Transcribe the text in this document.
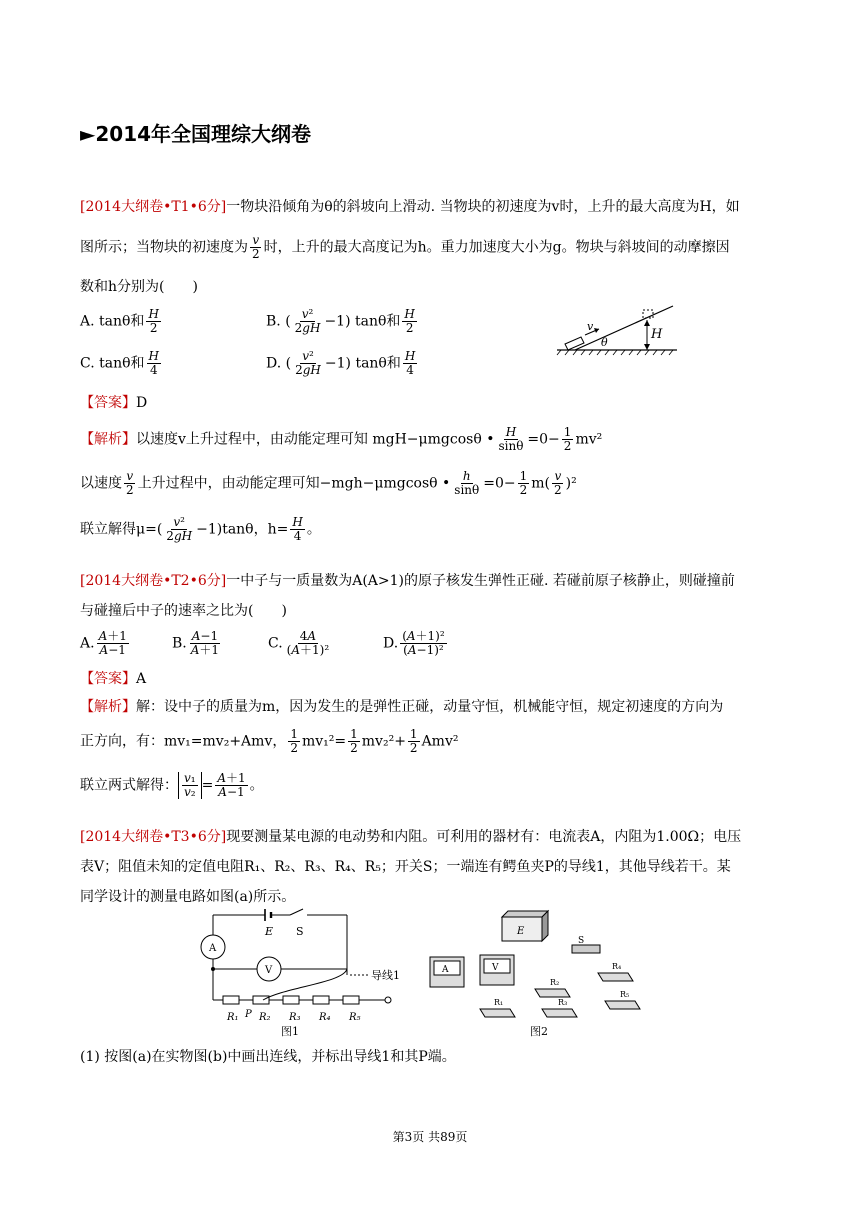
►2014年全国理综大纲卷
[2014大纲卷•T1•6分]一物块沿倾角为θ的斜坡向上滑动. 当物块的初速度为v时，上升的最大高度为H，如
图所示；当物块的初速度为 $\frac{v}{2}$ 时，上升的最大高度记为h。重力加速度大小为g。物块与斜坡间的动摩擦因
数和h分别为(　　)
A. tanθ和 $\frac{H}{2}$	B. ( $\frac{\text{v²}}{2gH} -1$) tanθ和 $\frac{H}{2}$
C. tanθ和 $\frac{H}{4}$	D. ( $\frac{\text{v²}}{2gH} -1$) tanθ和 $\frac{H}{4}$
v
θ
H
【答案】D
【解析】以速度v上升过程中，由动能定理可知 mgH−μmgcosθ • $\frac{H}{\sin\theta} =0- \frac{1}{2} mv^2$
以速度 $\frac{v}{2}$ 上升过程中，由动能定理可知−mgh−μmgcosθ • $\frac{h}{\sin\theta} =0- \frac{1}{2} m( \frac{v}{2} )^2$
联立解得$\mu=( \frac{\text{v²}}{2gH} -1)\tan\theta$，$h= \frac{H}{4}$ 。
[2014大纲卷•T2•6分]一中子与一质量数为A(A>1)的原子核发生弹性正碰. 若碰前原子核静止，则碰撞前
与碰撞后中子的速率之比为(　　)
A. $\frac{A+1}{A-1}$	B. $\frac{A-1}{A+1}$	C. $\frac{4A}{\text{(A＋1)²}}$	D. $\frac{\text{(A＋1)²}}{\text{(A−1)²}}$
【答案】A
【解析】解：设中子的质量为m，因为发生的是弹性正碰，动量守恒，机械能守恒，规定初速度的方向为
正方向，有：mv₁=mv₂+Amv， $\frac{1}{2} mv_1^2= \frac{1}{2} mv_2^2+ \frac{1}{2} Amv^2$
联立两式解得： $\frac{\text{v₁}}{\text{v₂}} = \frac{A+1}{A-1}$ 。
[2014大纲卷•T3•6分]现要测量某电源的电动势和内阻。可利用的器材有：电流表A，内阻为1.00Ω；电压
表V；阻值未知的定值电阻R₁、R₂、R₃、R₄、R₅；开关S；一端连有鳄鱼夹P的导线1，其他导线若干。某
同学设计的测量电路如图(a)所示。
A
V
E S
导线1
R₁ P R₂ R₃ R₄ R₅
图1
E
A	V
S
R₂
R₄
R₃
R₁
R₅
图2
(1) 按图(a)在实物图(b)中画出连线，并标出导线1和其P端。
第3页 共89页
